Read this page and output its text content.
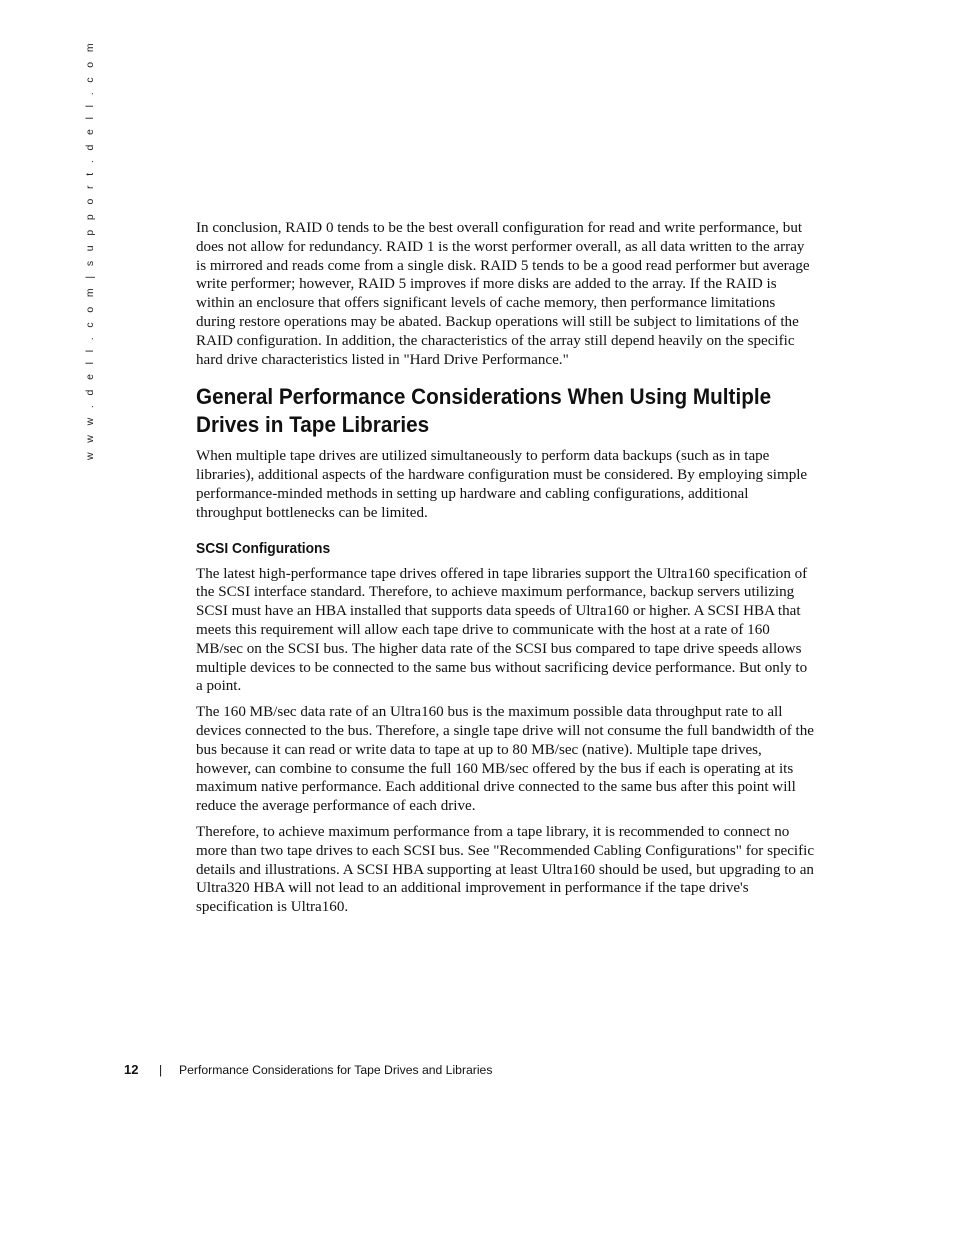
w w w . d e l l . c o m | s u p p o r t . d e l l . c o m	In conclusion, RAID 0 tends to be the best overall configuration for read and write performance, but does not allow for redundancy. RAID 1 is the worst performer overall, as all data written to the array is mirrored and reads come from a single disk. RAID 5 tends to be a good read performer but average write performer; however, RAID 5 improves if more disks are added to the array. If the RAID is within an enclosure that offers significant levels of cache memory, then performance limitations during restore operations may be abated. Backup operations will still be subject to limitations of the RAID configuration. In addition, the characteristics of the array still depend heavily on the specific hard drive characteristics listed in "Hard Drive Performance."

General Performance Considerations When Using Multiple Drives in Tape Libraries

When multiple tape drives are utilized simultaneously to perform data backups (such as in tape libraries), additional aspects of the hardware configuration must be considered. By employing simple performance-minded methods in setting up hardware and cabling configurations, additional throughput bottlenecks can be limited.

SCSI Configurations

The latest high-performance tape drives offered in tape libraries support the Ultra160 specification of the SCSI interface standard. Therefore, to achieve maximum performance, backup servers utilizing SCSI must have an HBA installed that supports data speeds of Ultra160 or higher. A SCSI HBA that meets this requirement will allow each tape drive to communicate with the host at a rate of 160 MB/sec on the SCSI bus. The higher data rate of the SCSI bus compared to tape drive speeds allows multiple devices to be connected to the same bus without sacrificing device performance. But only to a point.

The 160 MB/sec data rate of an Ultra160 bus is the maximum possible data throughput rate to all devices connected to the bus. Therefore, a single tape drive will not consume the full bandwidth of the bus because it can read or write data to tape at up to 80 MB/sec (native). Multiple tape drives, however, can combine to consume the full 160 MB/sec offered by the bus if each is operating at its maximum native performance. Each additional drive connected to the same bus after this point will reduce the average performance of each drive.

Therefore, to achieve maximum performance from a tape library, it is recommended to connect no more than two tape drives to each SCSI bus. See "Recommended Cabling Configurations" for specific details and illustrations. A SCSI HBA supporting at least Ultra160 should be used, but upgrading to an Ultra320 HBA will not lead to an additional improvement in performance if the tape drive's specification is Ultra160.

12 | Performance Considerations for Tape Drives and Libraries
